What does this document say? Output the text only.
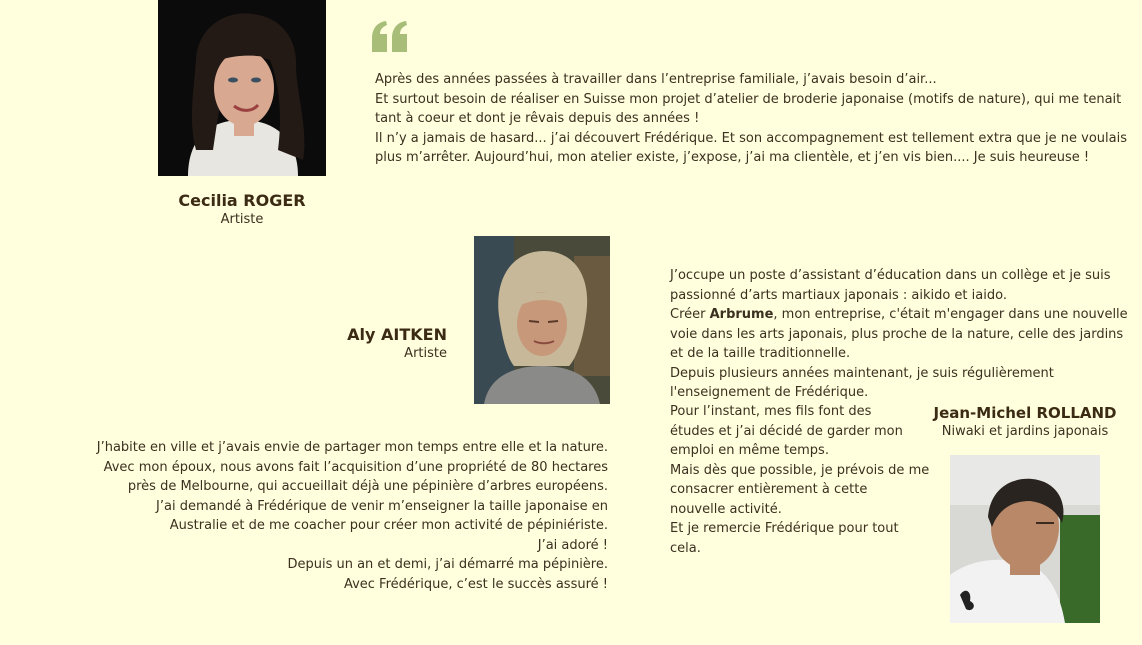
Cecilia ROGER
Artiste

Après des années passées à travailler dans l’entreprise familiale, j’avais besoin d’air...

Et surtout besoin de réaliser en Suisse mon projet d’atelier de broderie japonaise (motifs de nature), qui me tenait tant à coeur et dont je rêvais depuis des années !

Il n’y a jamais de hasard... j’ai découvert Frédérique. Et son accompagnement est tellement extra que je ne voulais plus m’arrêter. Aujourd’hui, mon atelier existe, j’expose, j’ai ma clientèle, et j’en vis bien.... Je suis heureuse !

Aly AITKEN
Artiste

J’habite en ville et j’avais envie de partager mon temps entre elle et la nature.

Avec mon époux, nous avons fait l’acquisition d’une propriété de 80 hectares

près de Melbourne, qui accueillait déjà une pépinière d’arbres européens.

J’ai demandé à Frédérique de venir m’enseigner la taille japonaise en

Australie et de me coacher pour créer mon activité de pépiniériste.

J’ai adoré !

Depuis un an et demi, j’ai démarré ma pépinière.

Avec Frédérique, c’est le succès assuré !

J’occupe un poste d’assistant d’éducation dans un collège et je suis

passionné d’arts martiaux japonais : aikido et iaido.

Créer Arbrume, mon entreprise, c'était m'engager dans une nouvelle

voie dans les arts japonais, plus proche de la nature, celle des jardins

et de la taille traditionnelle.

Depuis plusieurs années maintenant, je suis régulièrement

l'enseignement de Frédérique.

Pour l’instant, mes fils font des

études et j’ai décidé de garder mon

emploi en même temps.

Mais dès que possible, je prévois de me

consacrer entièrement à cette

nouvelle activité.

Et je remercie Frédérique pour tout

cela.

Jean-Michel ROLLAND
Niwaki et jardins japonais
